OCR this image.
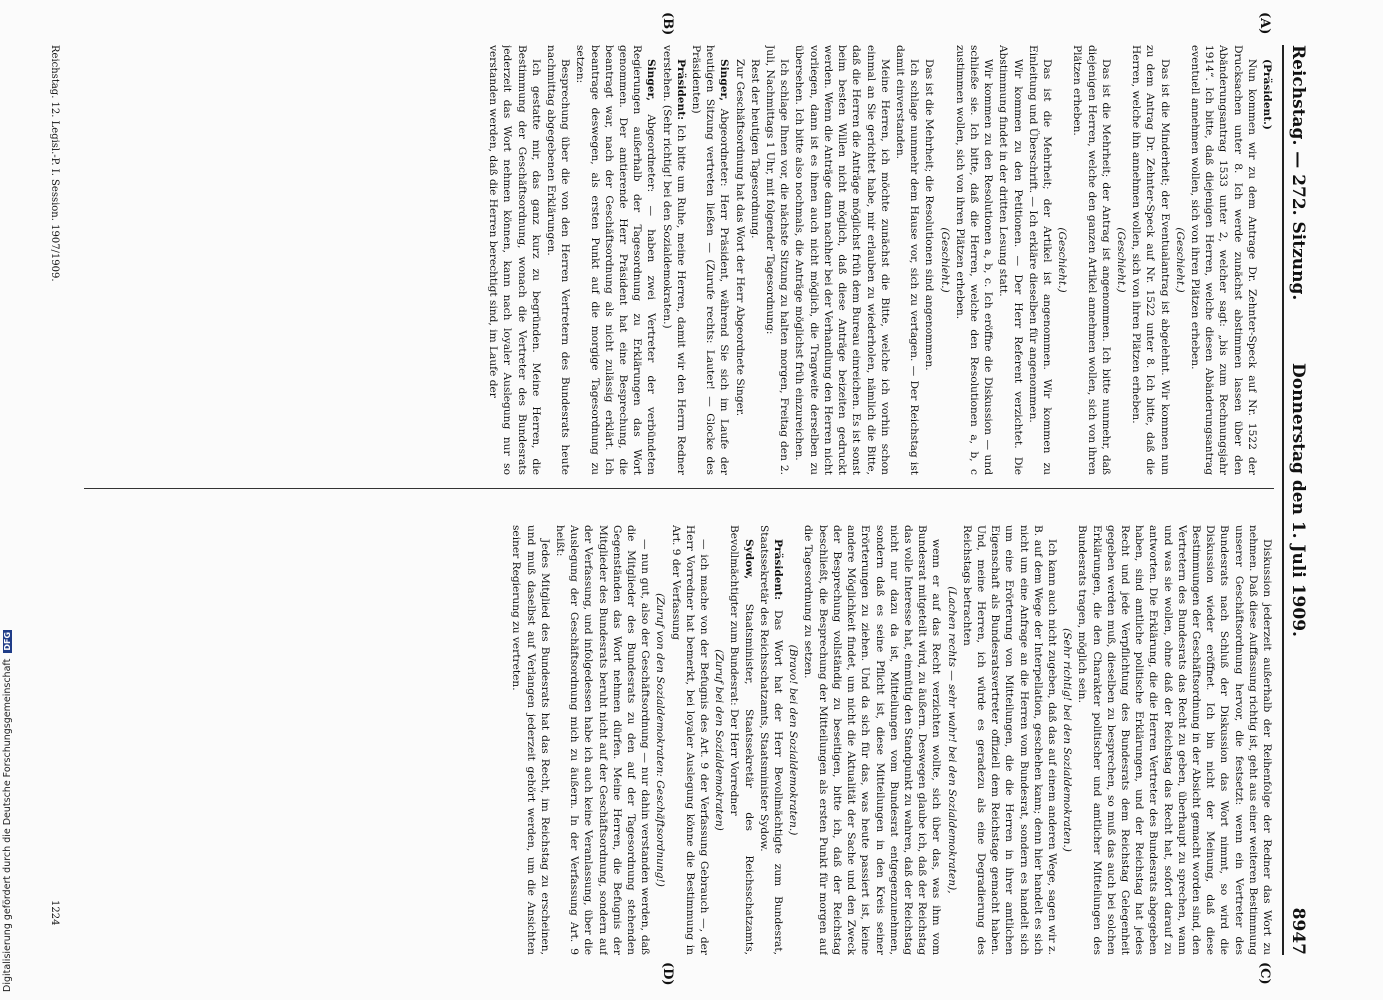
Reichstag. — 272. Sitzung.
Donnerstag den 1. Juli 1909.
8947
(A)
(B)
(C)
(D)

(Präsident.)

Nun kommen wir zu dem Antrage Dr. Zehnter-Speck auf Nr. 1522 der Drucksachen unter 8. Ich werde zunächst abstimmen lassen über den Abänderungsantrag 1533 unter 2, welcher sagt: „bis zum Rechnungsjahr 1914“. Ich bitte, daß diejenigen Herren, welche diesen Abänderungsantrag eventuell annehmen wollen, sich von ihren Plätzen erheben.

(Geschieht.)

Das ist die Minderheit; der Eventualantrag ist abgelehnt. Wir kommen nun zu dem Antrag Dr. Zehnter-Speck auf Nr. 1522 unter 8. Ich bitte, daß die Herren, welche ihn annehmen wollen, sich von ihren Plätzen erheben.

(Geschieht.)

Das ist die Mehrheit; der Antrag ist angenommen. Ich bitte nunmehr, daß diejenigen Herren, welche den ganzen Artikel annehmen wollen, sich von ihren Plätzen erheben.

(Geschieht.)

Das ist die Mehrheit; der Artikel ist angenommen. Wir kommen zu Einleitung und Überschrift. — Ich erkläre dieselben für angenommen.

Wir kommen zu den Petitionen. — Der Herr Referent verzichtet. Die Abstimmung findet in der dritten Lesung statt.

Wir kommen zu den Resolutionen a, b, c. Ich eröffne die Diskussion — und schließe sie. Ich bitte, daß die Herren, welche den Resolutionen a, b, c zustimmen wollen, sich von ihren Plätzen erheben.

(Geschieht.)

Das ist die Mehrheit; die Resolutionen sind angenommen.

Ich schlage nunmehr dem Hause vor, sich zu vertagen. — Der Reichstag ist damit einverstanden.

Meine Herren, ich möchte zunächst die Bitte, welche ich vorhin schon einmal an Sie gerichtet habe, mir erlauben zu wiederholen, nämlich die Bitte, daß die Herren die Anträge möglichst früh dem Bureau einreichen. Es ist sonst beim besten Willen nicht möglich, daß diese Anträge beizeiten gedruckt werden. Wenn die Anträge dann nachher bei der Verhandlung den Herren nicht vorliegen, dann ist es ihnen auch nicht möglich, die Tragweite derselben zu übersehen. Ich bitte also nochmals, die Anträge möglichst früh einzureichen.

Ich schlage Ihnen vor, die nächste Sitzung zu halten morgen, Freitag den 2. Juli, Nachmittags 1 Uhr, mit folgender Tagesordnung:

Rest der heutigen Tagesordnung.

Zur Geschäftsordnung hat das Wort der Herr Abgeordnete Singer.

Singer, Abgeordneter: Herr Präsident, während Sie sich im Laufe der heutigen Sitzung vertreten ließen — (Zurufe rechts: Lauter! — Glocke des Präsidenten)

Präsident: Ich bitte um Ruhe, meine Herren, damit wir den Herrn Redner verstehen. (Sehr richtig! bei den Sozialdemokraten.)

Singer, Abgeordneter: — haben zwei Vertreter der verbündeten Regierungen außerhalb der Tagesordnung zu Erklärungen das Wort genommen. Der amtierende Herr Präsident hat eine Besprechung, die beantragt war, nach der Geschäftsordnung als nicht zulässig erklärt. Ich beantrage deswegen, als ersten Punkt auf die morgige Tagesordnung zu setzen:

Besprechung über die von den Herren Vertretern des Bundesrats heute nachmittag abgegebenen Erklärungen.

Ich gestatte mir, das ganz kurz zu begründen. Meine Herren, die Bestimmung der Geschäftsordnung, wonach die Vertreter des Bundesrats jederzeit das Wort nehmen können, kann nach loyaler Auslegung nur so verstanden werden, daß die Herren berechtigt sind, im Laufe der

Diskussion jederzeit außerhalb der Reihenfolge der Redner das Wort zu nehmen. Daß diese Auffassung richtig ist, geht aus einer weiteren Bestimmung unserer Geschäftsordnung hervor, die festsetzt: wenn ein Vertreter des Bundesrats nach Schluß der Diskussion das Wort nimmt, so wird die Diskussion wieder eröffnet. Ich bin nicht der Meinung, daß diese Bestimmungen der Geschäftsordnung in der Absicht gemacht worden sind, den Vertretern des Bundesrats das Recht zu geben, überhaupt zu sprechen, wann und was sie wollen, ohne daß der Reichstag das Recht hat, sofort darauf zu antworten. Die Erklärung, die die Herren Vertreter des Bundesrats abgegeben haben, sind amtliche politische Erklärungen, und der Reichstag hat jedes Recht und jede Verpflichtung des Bundesrats dem Reichstag Gelegenheit gegeben werden muß, dieselben zu besprechen, so muß das auch bei solchen Erklärungen, die den Charakter politischer und amtlicher Mitteilungen des Bundesrats tragen, möglich sein.

(Sehr richtig! bei den Sozialdemokraten.)

Ich kann auch nicht zugeben, daß das auf einem anderen Wege, sagen wir z. B. auf dem Wege der Interpellation, geschehen kann; denn hier handelt es sich nicht um eine Anfrage an die Herren vom Bundesrat, sondern es handelt sich um eine Erörterung von Mitteilungen, die die Herren in ihrer amtlichen Eigenschaft als Bundesratsvertreter offiziell dem Reichstage gemacht haben. Und, meine Herren, ich würde es geradezu als eine Degradierung des Reichstags betrachten

(Lachen rechts — sehr wahr! bei den Sozialdemokraten),

wenn er auf das Recht verzichten wollte, sich über das, was ihm vom Bundesrat mitgeteilt wird, zu äußern. Deswegen glaube ich, daß der Reichstag das volle Interesse hat, einmütig den Standpunkt zu wahren, daß der Reichstag nicht nur dazu da ist, Mitteilungen vom Bundesrat entgegenzunehmen, sondern daß es seine Pflicht ist, diese Mitteilungen in den Kreis seiner Erörterungen zu ziehen. Und da sich für das, was heute passiert ist, keine andere Möglichkeit findet, um nicht die Aktualität der Sache und den Zweck der Besprechung vollständig zu beseitigen, bitte ich, daß der Reichstag beschließt, die Besprechung der Mitteilungen als ersten Punkt für morgen auf die Tagesordnung zu setzen.

(Bravo! bei den Sozialdemokraten.)

Präsident: Das Wort hat der Herr Bevollmächtigte zum Bundesrat, Staatssekretär des Reichsschatzamts, Staatsminister Sydow.

Sydow, Staatsminister, Staatssekretär des Reichsschatzamts, Bevollmächtigter zum Bundesrat: Der Herr Vorredner

(Zuruf bei den Sozialdemokraten)

— ich mache von der Befugnis des Art. 9 der Verfassung Gebrauch —, der Herr Vorredner hat bemerkt, bei loyaler Auslegung könne die Bestimmung in Art. 9 der Verfassung

(Zuruf von den Sozialdemokraten: Geschäftsordnung!)

— nun gut, also der Geschäftsordnung — nur dahin verstanden werden, daß die Mitglieder des Bundesrats zu den auf der Tagesordnung stehenden Gegenständen das Wort nehmen dürfen. Meine Herren, die Befugnis der Mitglieder des Bundesrats beruht nicht auf der Geschäftsordnung, sondern auf der Verfassung, und infolgedessen habe ich auch keine Veranlassung, über die Auslegung der Geschäftsordnung mich zu äußern. In der Verfassung Art. 9 heißt:

Jedes Mitglied des Bundesrats hat das Recht, im Reichstag zu erscheinen, und muß daselbst auf Verlangen jederzeit gehört werden, um die Ansichten seiner Regierung zu vertreten.

Reichstag. 12. Legisl.-P. I. Session. 1907/1909.
1224
Digitalisierung gefördert durch die Deutsche Forschungsgemeinschaft DFG
